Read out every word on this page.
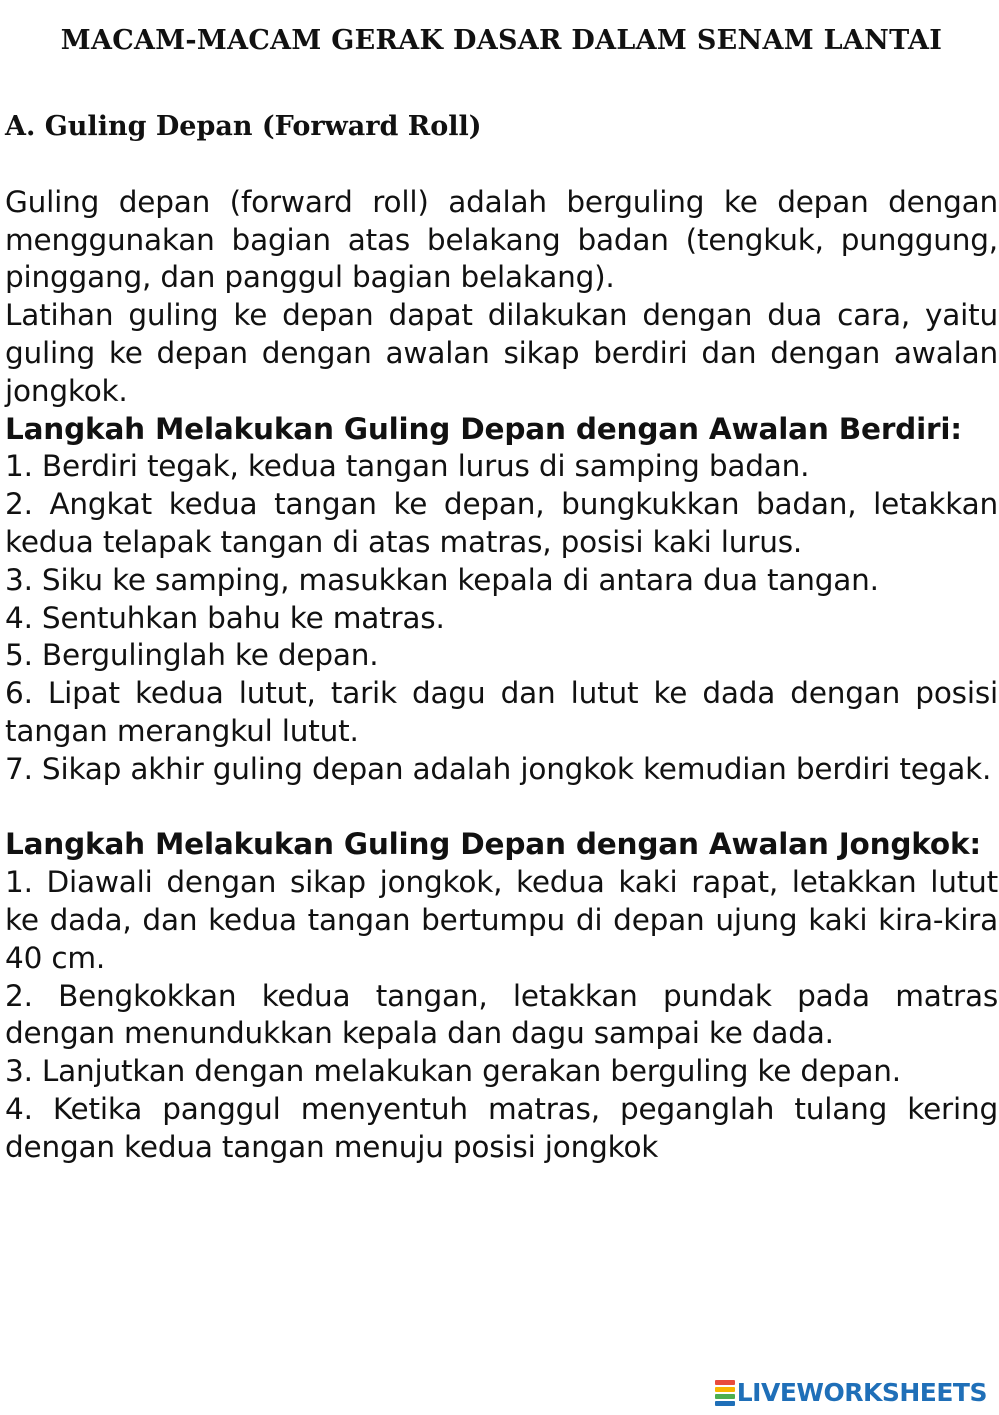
MACAM-MACAM GERAK DASAR DALAM SENAM LANTAI
A. Guling Depan (Forward Roll)

Guling depan (forward roll) adalah berguling ke depan dengan menggunakan bagian atas belakang badan (tengkuk, punggung, pinggang, dan panggul bagian belakang).

Latihan guling ke depan dapat dilakukan dengan dua cara, yaitu guling ke depan dengan awalan sikap berdiri dan dengan awalan jongkok.

Langkah Melakukan Guling Depan dengan Awalan Berdiri:

1. Berdiri tegak, kedua tangan lurus di samping badan.

2. Angkat kedua tangan ke depan, bungkukkan badan, letakkan kedua telapak tangan di atas matras, posisi kaki lurus.

3. Siku ke samping, masukkan kepala di antara dua tangan.

4. Sentuhkan bahu ke matras.

5. Bergulinglah ke depan.

6. Lipat kedua lutut, tarik dagu dan lutut ke dada dengan posisi tangan merangkul lutut.

7. Sikap akhir guling depan adalah jongkok kemudian berdiri tegak.

Langkah Melakukan Guling Depan dengan Awalan Jongkok:

1. Diawali dengan sikap jongkok, kedua kaki rapat, letakkan lutut ke dada, dan kedua tangan bertumpu di depan ujung kaki kira-kira 40 cm.

2. Bengkokkan kedua tangan, letakkan pundak pada matras dengan menundukkan kepala dan dagu sampai ke dada.

3. Lanjutkan dengan melakukan gerakan berguling ke depan.

4. Ketika panggul menyentuh matras, peganglah tulang kering dengan kedua tangan menuju posisi jongkok

LIVEWORKSHEETS
